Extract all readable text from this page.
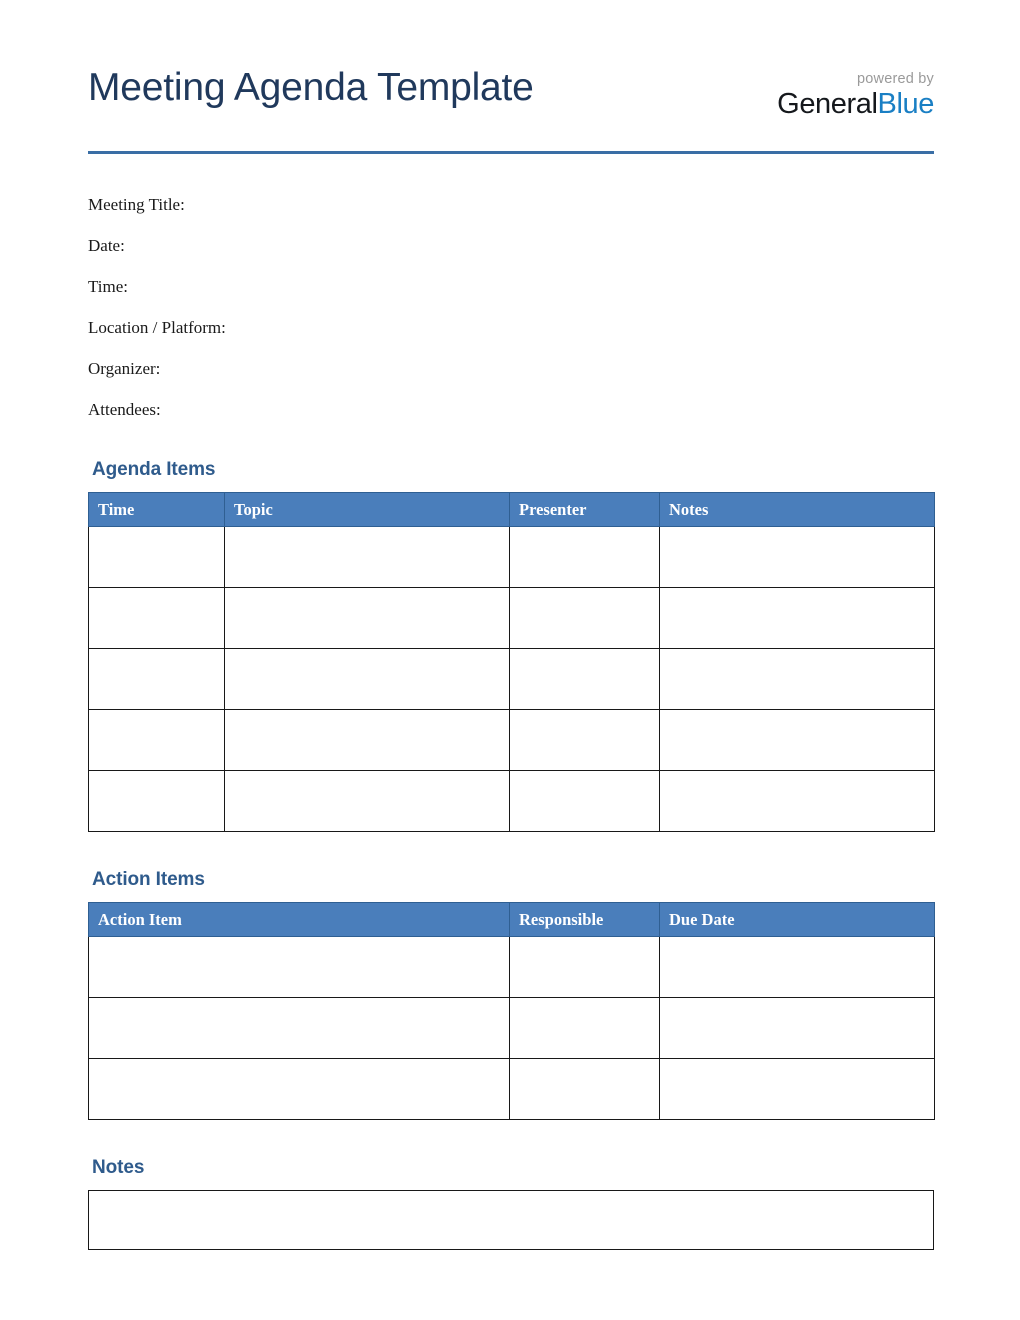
Meeting Agenda Template	powered by
GeneralBlue
Meeting Title:
Date:
Time:
Location / Platform:
Organizer:
Attendees:
Agenda Items
Time	Topic	Presenter	Notes

Action Items
Action Item	Responsible	Due Date

Notes
